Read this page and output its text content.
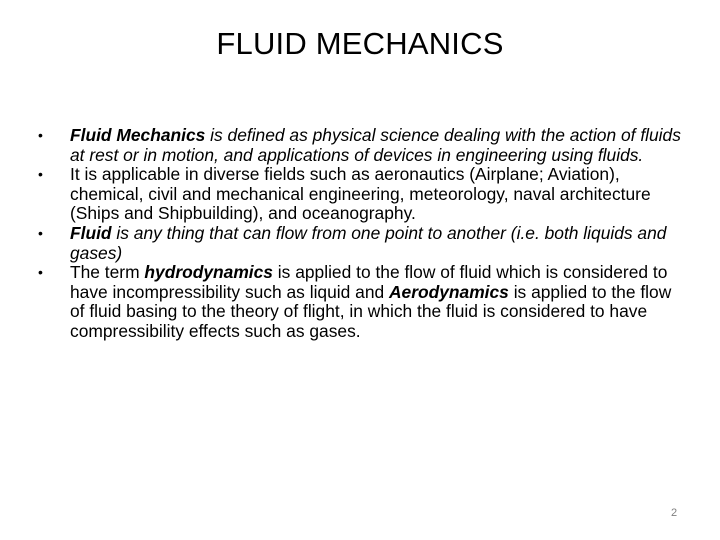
FLUID MECHANICS
•	Fluid Mechanics is defined as physical science dealing with the action of fluids at rest or in motion, and applications of devices in engineering using fluids.
•	It is applicable in diverse fields such as aeronautics (Airplane; Aviation), chemical, civil and mechanical engineering, meteorology, naval architecture (Ships and Shipbuilding), and oceanography.
•	Fluid is any thing that can flow from one point to another (i.e. both liquids and gases)
•	The term hydrodynamics is applied to the flow of fluid which is considered to have incompressibility such as liquid and Aerodynamics is applied to the flow of fluid basing to the theory of flight, in which the fluid is considered to have compressibility effects such as gases.
2
